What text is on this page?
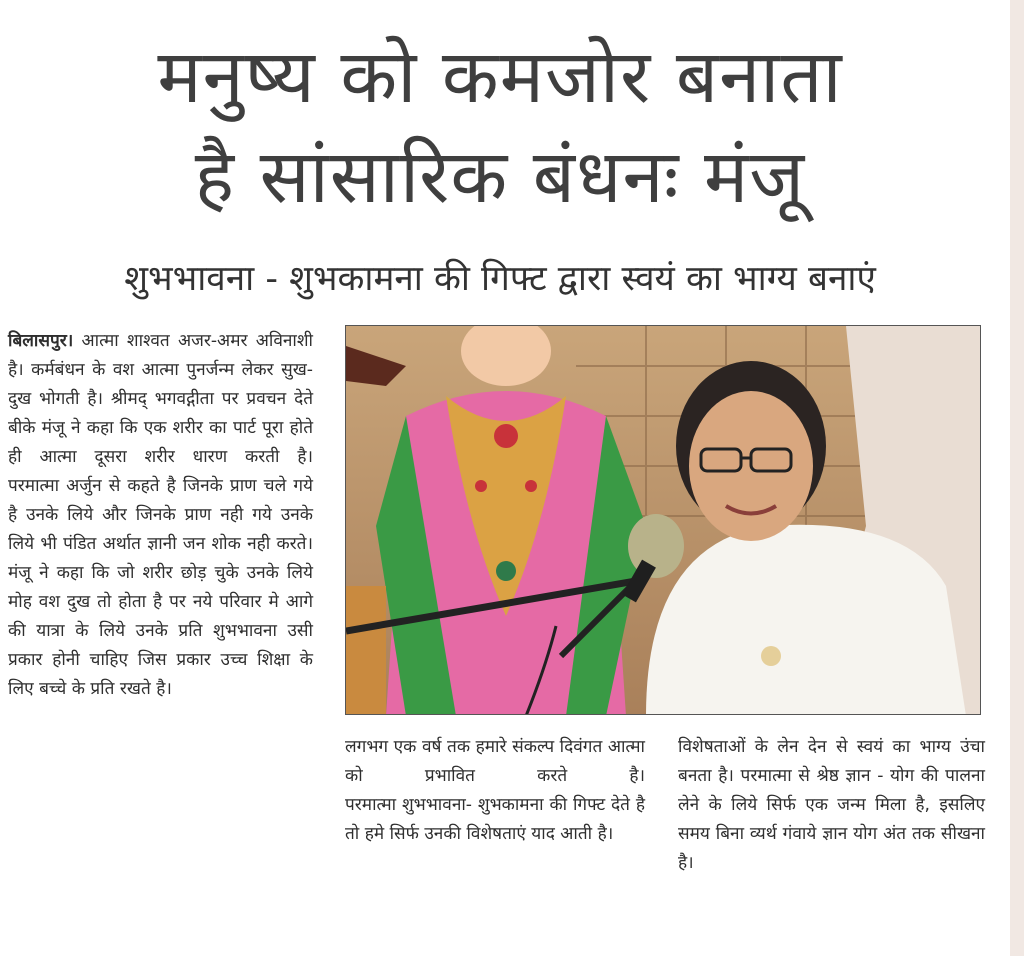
मनुष्य को कमजोर बनाता
है सांसारिक बंधनः मंजू
शुभभावना - शुभकामना की गिफ्ट द्वारा स्वयं का भाग्य बनाएं

बिलासपुर। आत्मा शाश्वत अजर-अमर अविनाशी है। कर्मबंधन के वश आत्मा पुनर्जन्म लेकर सुख-दुख भोगती है। श्रीमद् भगवद्गीता पर प्रवचन देते बीके मंजू ने कहा कि एक शरीर का पार्ट पूरा होते ही आत्मा दूसरा शरीर धारण करती है।

परमात्मा अर्जुन से कहते है जिनके प्राण चले गये है उनके लिये और जिनके प्राण नही गये उनके लिये भी पंडित अर्थात ज्ञानी जन शोक नही करते। मंजू ने कहा कि जो शरीर छोड़ चुके उनके लिये मोह वश दुख तो होता है पर नये परिवार मे आगे की यात्रा के लिये उनके प्रति शुभभावना उसी प्रकार होनी चाहिए जिस प्रकार उच्च शिक्षा के लिए बच्चे के प्रति रखते है।

लगभग एक वर्ष तक हमारे संकल्प दिवंगत आत्मा को प्रभावित करते है।

परमात्मा शुभभावना- शुभकामना की गिफ्ट देते है तो हमे सिर्फ उनकी विशेषताएं याद आती है।

विशेषताओं के लेन देन से स्वयं का भाग्य उंचा बनता है। परमात्मा से श्रेष्ठ ज्ञान - योग की पालना लेने के लिये सिर्फ एक जन्म मिला है, इसलिए समय बिना व्यर्थ गंवाये ज्ञान योग अंत तक सीखना है।
